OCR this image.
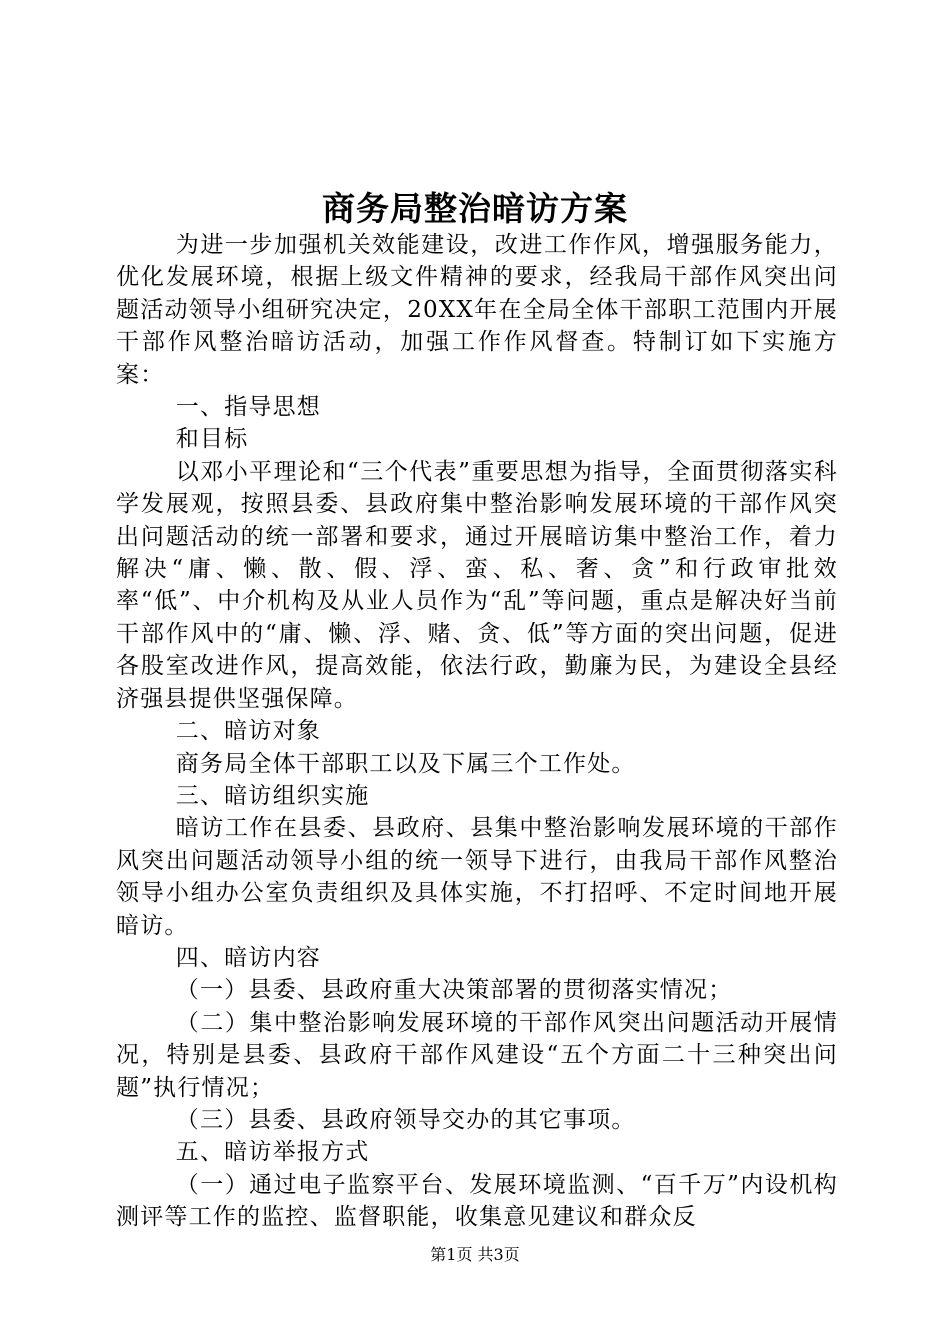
商务局整治暗访方案

为进一步加强机关效能建设，改进工作作风，增强服务能力，优化发展环境，根据上级文件精神的要求，经我局干部作风突出问题活动领导小组研究决定，20XX年在全局全体干部职工范围内开展干部作风整治暗访活动，加强工作作风督查。特制订如下实施方案：

一、指导思想

和目标

以邓小平理论和“三个代表”重要思想为指导，全面贯彻落实科学发展观，按照县委、县政府集中整治影响发展环境的干部作风突出问题活动的统一部署和要求，通过开展暗访集中整治工作，着力解决“庸、懒、散、假、浮、蛮、私、奢、贪”和行政审批效率“低”、中介机构及从业人员作为“乱”等问题，重点是解决好当前干部作风中的“庸、懒、浮、赌、贪、低”等方面的突出问题，促进各股室改进作风，提高效能，依法行政，勤廉为民，为建设全县经济强县提供坚强保障。

二、暗访对象

商务局全体干部职工以及下属三个工作处。

三、暗访组织实施

暗访工作在县委、县政府、县集中整治影响发展环境的干部作风突出问题活动领导小组的统一领导下进行，由我局干部作风整治领导小组办公室负责组织及具体实施，不打招呼、不定时间地开展暗访。

四、暗访内容

（一）县委、县政府重大决策部署的贯彻落实情况；

（二）集中整治影响发展环境的干部作风突出问题活动开展情况，特别是县委、县政府干部作风建设“五个方面二十三种突出问题”执行情况；

（三）县委、县政府领导交办的其它事项。

五、暗访举报方式

（一）通过电子监察平台、发展环境监测、“百千万”内设机构测评等工作的监控、监督职能，收集意见建议和群众反

第1页 共3页
